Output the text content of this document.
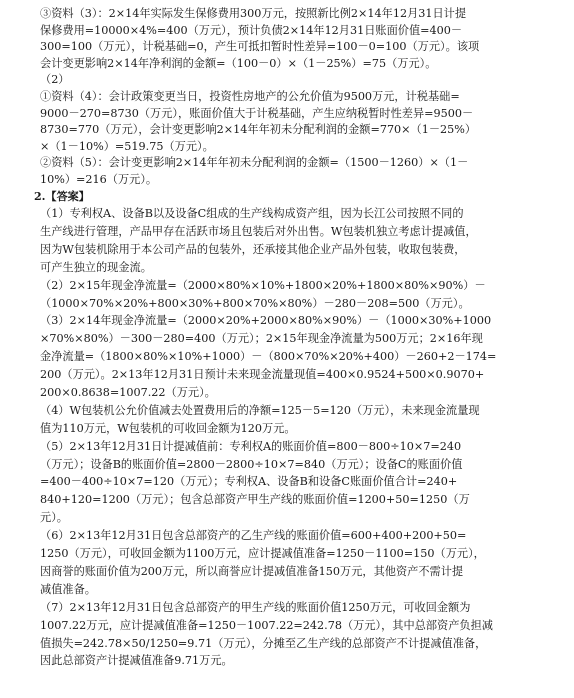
③资料（3）：2×14年实际发生保修费用300万元，按照新比例2×14年12月31日计提
保修费用=10000×4%=400（万元），预计负债2×14年12月31日账面价值=400－
300=100（万元），计税基础=0，产生可抵扣暂时性差异=100－0=100（万元）。该项
会计变更影响2×14年净利润的金额=（100－0）×（1－25%）=75（万元）。
（2）
①资料（4）：会计政策变更当日，投资性房地产的公允价值为9500万元，计税基础=
9000－270=8730（万元），账面价值大于计税基础，产生应纳税暂时性差异=9500－
8730=770（万元），会计变更影响2×14年年初未分配利润的金额=770×（1－25%）
×（1－10%）=519.75（万元）。
②资料（5）：会计变更影响2×14年年初未分配利润的金额=（1500－1260）×（1－
10%）=216（万元）。
2.【答案】
（1）专利权A、设备B以及设备C组成的生产线构成资产组，因为长江公司按照不同的
生产线进行管理，产品甲存在活跃市场且包装后对外出售。W包装机独立考虑计提减值，
因为W包装机除用于本公司产品的包装外，还承接其他企业产品外包装，收取包装费，
可产生独立的现金流。
（2）2×15年现金净流量=（2000×80%×10%+1800×20%+1800×80%×90%）－
（1000×70%×20%+800×30%+800×70%×80%）－280－208=500（万元）。
（3）2×14年现金净流量=（2000×20%+2000×80%×90%）－（1000×30%+1000
×70%×80%）－300－280=400（万元）；2×15年现金净流量为500万元；2×16年现
金净流量=（1800×80%×10%+1000）－（800×70%×20%+400）－260+2－174=
200（万元）。2×13年12月31日预计未来现金流量现值=400×0.9524+500×0.9070+
200×0.8638=1007.22（万元）。
（4）W包装机公允价值减去处置费用后的净额=125－5=120（万元），未来现金流量现
值为110万元，W包装机的可收回金额为120万元。
（5）2×13年12月31日计提减值前：专利权A的账面价值=800－800÷10×7=240
（万元）；设备B的账面价值=2800－2800÷10×7=840（万元）；设备C的账面价值
=400－400÷10×7=120（万元）；专利权A、设备B和设备C账面价值合计=240+
840+120=1200（万元）；包含总部资产甲生产线的账面价值=1200+50=1250（万
元）。
（6）2×13年12月31日包含总部资产的乙生产线的账面价值=600+400+200+50=
1250（万元），可收回金额为1100万元，应计提减值准备=1250－1100=150（万元），
因商誉的账面价值为200万元，所以商誉应计提减值准备150万元，其他资产不需计提
减值准备。
（7）2×13年12月31日包含总部资产的甲生产线的账面价值1250万元，可收回金额为
1007.22万元，应计提减值准备=1250－1007.22=242.78（万元），其中总部资产负担减
值损失=242.78×50/1250=9.71（万元），分摊至乙生产线的总部资产不计提减值准备，
因此总部资产计提减值准备9.71万元。
